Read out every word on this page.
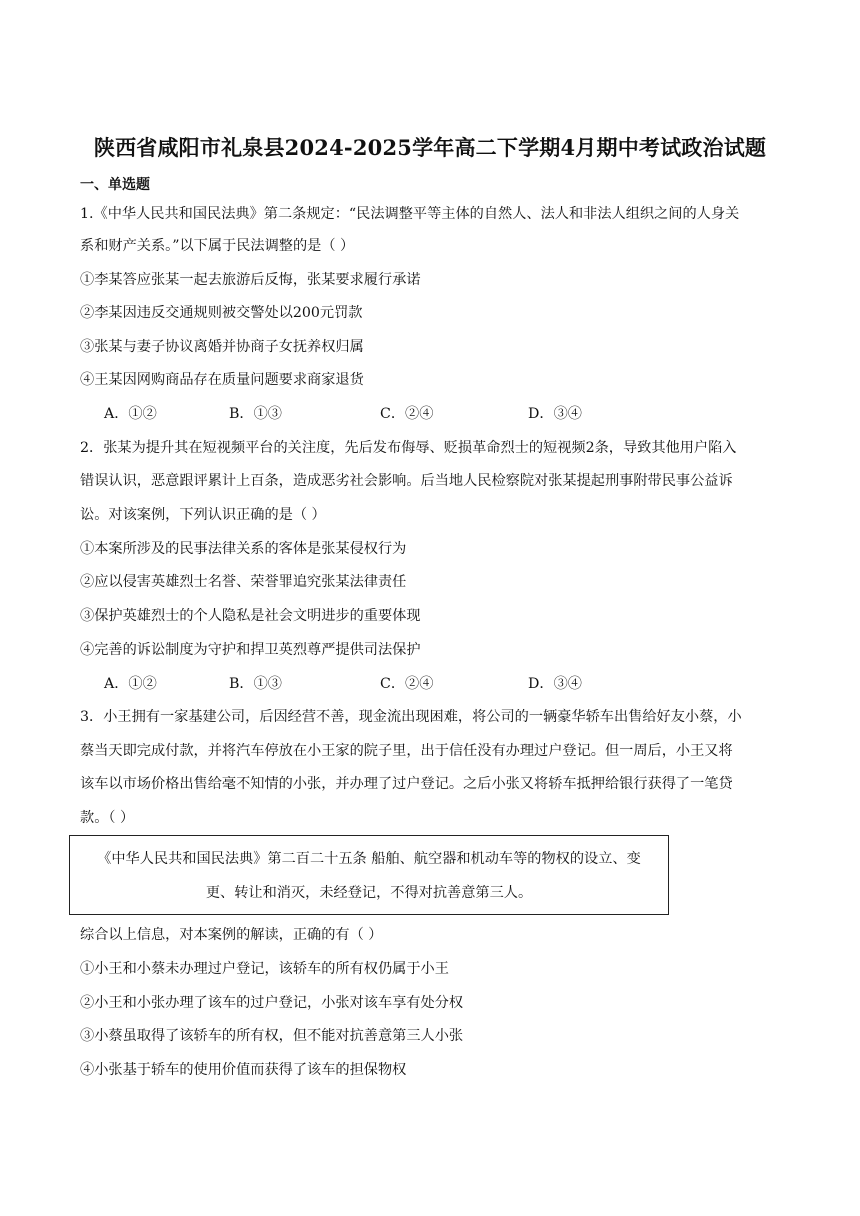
陕西省咸阳市礼泉县2024-2025学年高二下学期4月期中考试政治试题
一、单选题
1.《中华人民共和国民法典》第二条规定：“民法调整平等主体的自然人、法人和非法人组织之间的人身关
系和财产关系。”以下属于民法调整的是（ ）
①李某答应张某一起去旅游后反悔，张某要求履行承诺
②李某因违反交通规则被交警处以200元罚款
③张某与妻子协议离婚并协商子女抚养权归属
④王某因网购商品存在质量问题要求商家退货
A．①②	B．①③	C．②④	D．③④
2．张某为提升其在短视频平台的关注度，先后发布侮辱、贬损革命烈士的短视频2条，导致其他用户陷入
错误认识，恶意跟评累计上百条，造成恶劣社会影响。后当地人民检察院对张某提起刑事附带民事公益诉
讼。对该案例，下列认识正确的是（ ）
①本案所涉及的民事法律关系的客体是张某侵权行为
②应以侵害英雄烈士名誉、荣誉罪追究张某法律责任
③保护英雄烈士的个人隐私是社会文明进步的重要体现
④完善的诉讼制度为守护和捍卫英烈尊严提供司法保护
A．①②	B．①③	C．②④	D．③④
3．小王拥有一家基建公司，后因经营不善，现金流出现困难，将公司的一辆豪华轿车出售给好友小蔡，小
蔡当天即完成付款，并将汽车停放在小王家的院子里，出于信任没有办理过户登记。但一周后，小王又将
该车以市场价格出售给毫不知情的小张，并办理了过户登记。之后小张又将轿车抵押给银行获得了一笔贷
款。（ ）
《中华人民共和国民法典》第二百二十五条 船舶、航空器和机动车等的物权的设立、变
更、转让和消灭，未经登记，不得对抗善意第三人。
综合以上信息，对本案例的解读，正确的有（ ）
①小王和小蔡未办理过户登记，该轿车的所有权仍属于小王
②小王和小张办理了该车的过户登记，小张对该车享有处分权
③小蔡虽取得了该轿车的所有权，但不能对抗善意第三人小张
④小张基于轿车的使用价值而获得了该车的担保物权
